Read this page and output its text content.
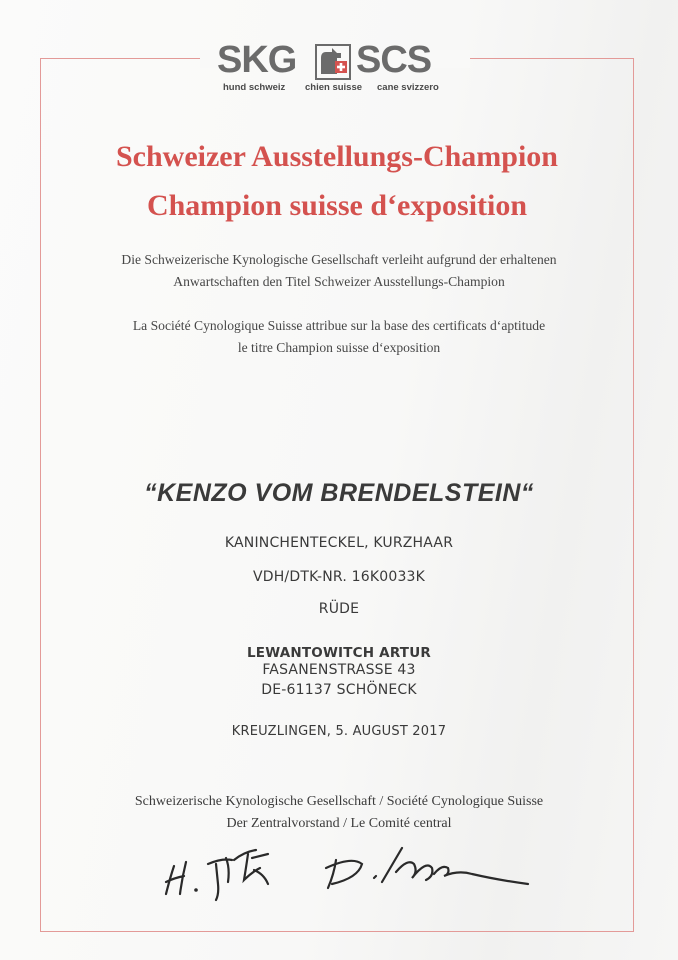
SKG SCS
hund schweiz chien suisse cane svizzero
Schweizer Ausstellungs-Champion
Champion suisse d‘exposition
Die Schweizerische Kynologische Gesellschaft verleiht aufgrund der erhaltenen
Anwartschaften den Titel Schweizer Ausstellungs-Champion
La Société Cynologique Suisse attribue sur la base des certificats d‘aptitude
le titre Champion suisse d‘exposition
“KENZO VOM BRENDELSTEIN“
KANINCHENTECKEL, KURZHAAR
VDH/DTK-NR. 16K0033K
RÜDE
LEWANTOWITCH ARTUR
FASANENSTRASSE 43
DE-61137 SCHÖNECK
KREUZLINGEN, 5. AUGUST 2017
Schweizerische Kynologische Gesellschaft / Société Cynologique Suisse
Der Zentralvorstand / Le Comité central
